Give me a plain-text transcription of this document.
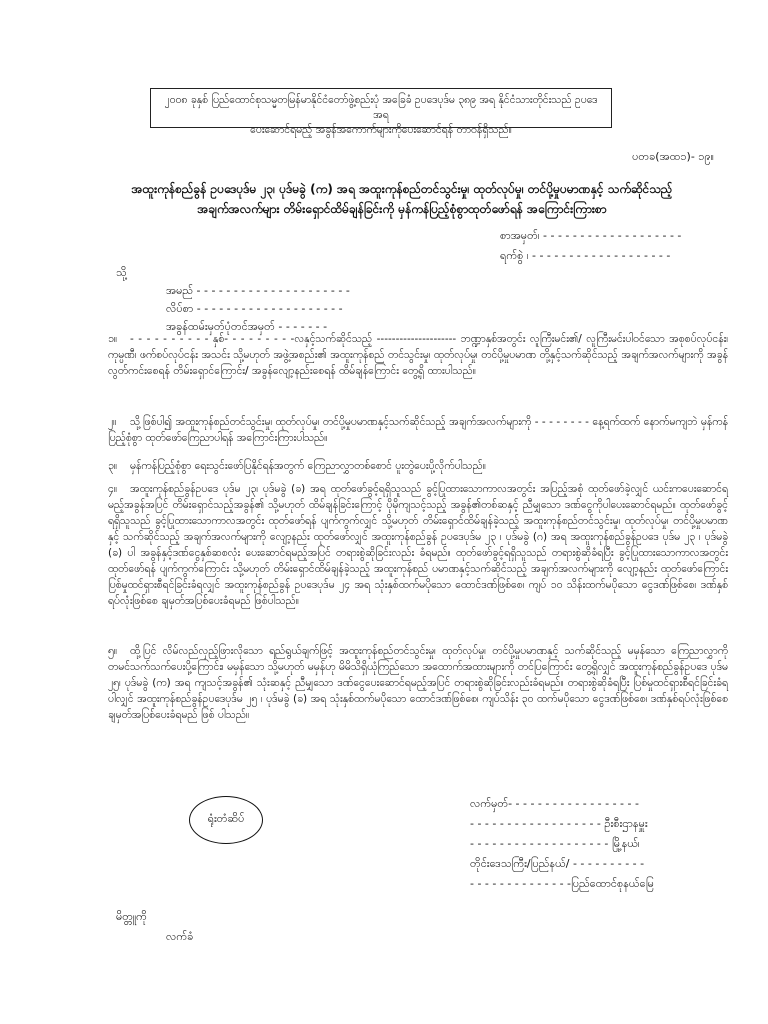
၂၀၀၈ ခုနှစ် ပြည်ထောင်စုသမ္မတမြန်မာနိုင်ငံတော်ဖွဲ့စည်းပုံ အခြေခံ ဥပဒေပုဒ်မ ၃၈၉ အရ နိုင်ငံသားတိုင်းသည် ဥပဒေအရ
ပေးဆောင်ရမည့် အခွန်အကောက်များကိုပေးဆောင်ရန် တာဝန်ရှိသည်။
ပတခ(အထ၁)- ၁၉။
အထူးကုန်စည်ခွန် ဥပဒေပုဒ်မ ၂၃၊ ပုဒ်မခွဲ (က) အရ အထူးကုန်စည်တင်သွင်းမှု၊ ထုတ်လုပ်မှု၊ တင်ပို့မှုပမာဏနှင့် သက်ဆိုင်သည့်
အချက်အလက်များ တိမ်းရှောင်ထိမ်ချန်ခြင်းကို မှန်ကန်ပြည့်စုံစွာထုတ်ဖော်ရန် အကြောင်းကြားစာ
စာအမှတ်၊ - - - - - - - - - - - - - - - - - - -
ရက်စွဲ ၊ - - - - - - - - - - - - - - - - - - -
သို့
အမည် - - - - - - - - - - - - - - - - - - - - -
လိပ်စာ - - - - - - - - - - - - - - - - - - - -
အခွန်ထမ်းမှတ်ပုံတင်အမှတ် - - - - - - -
၁။ - - - - - - - - - - နှစ်- - - - - - - - -လနှင့်သက်ဆိုင်သည့် --------------------- ဘဏ္ဍာနှစ်အတွင်း လူကြီးမင်း၏/ လူကြီးမင်းပါဝင်သော အစုစပ်လုပ်ငန်း၊ ကုမ္ပဏီ၊ ဖက်စပ်လုပ်ငန်း အသင်း သို့မဟုတ် အဖွဲ့အစည်း၏ အထူးကုန်စည် တင်သွင်းမှု၊ ထုတ်လုပ်မှု၊ တင်ပို့မှုပမာဏ တို့နှင့်သက်ဆိုင်သည့် အချက်အလက်များကို အခွန်လွတ်ကင်းစေရန် တိမ်းရှောင်ကြောင်း/ အခွန်လျော့နည်းစေရန် ထိမ်ချန်ကြောင်း တွေ့ရှိ ထားပါသည်။
၂။ သို့ဖြစ်ပါ၍ အထူးကုန်စည်တင်သွင်းမှု၊ ထုတ်လုပ်မှု၊ တင်ပို့မှုပမာဏနှင့်သက်ဆိုင်သည့် အချက်အလက်များကို - - - - - - - - နေ့ရက်ထက် နောက်မကျဘဲ မှန်ကန်ပြည့်စုံစွာ ထုတ်ဖော်ကြေညာပါရန် အကြောင်းကြားပါသည်။
၃။ မှန်ကန်ပြည့်စုံစွာ ရေးသွင်းဖော်ပြနိုင်ရန်အတွက် ကြေညာလွှာတစ်စောင် ပူးတွဲပေးပို့လိုက်ပါသည်။
၄။ အထူးကုန်စည်ခွန်ဥပဒေ ပုဒ်မ ၂၃၊ ပုဒ်မခွဲ (ခ) အရ ထုတ်ဖော်ခွင့်ရရှိသူသည် ခွင့်ပြုထားသောကာလအတွင်း အပြည့်အစုံ ထုတ်ဖော်ခဲ့လျှင် ယင်းကပေးဆောင်ရမည့်အခွန်အပြင် တိမ်းရှောင်သည့်အခွန်၏ သို့မဟုတ် ထိမ်ချန်ခြင်းကြောင့် ပိုမိုကျသင့်သည့် အခွန်၏တစ်ဆနှင့် ညီမျှသော ဒဏ်ငွေကိုပါပေးဆောင်ရမည်။ ထုတ်ဖော်ခွင့်ရရှိသူသည် ခွင့်ပြုထားသောကာလအတွင်း ထုတ်ဖော်ရန် ပျက်ကွက်လျှင် သို့မဟုတ် တိမ်းရှောင်ထိမ်ချန်ခဲ့သည့် အထူးကုန်စည်တင်သွင်းမှု၊ ထုတ်လုပ်မှု၊ တင်ပို့မှုပမာဏနှင့် သက်ဆိုင်သည့် အချက်အလက်များကို လျော့နည်း ထုတ်ဖော်လျှင် အထူးကုန်စည်ခွန် ဥပဒေပုဒ်မ ၂၃ ၊ ပုဒ်မခွဲ (ဂ) အရ အထူးကုန်စည်ခွန်ဥပဒေ ပုဒ်မ ၂၃ ၊ ပုဒ်မခွဲ (ခ) ပါ အခွန်နှင့်ဒဏ်ငွေနှစ်ဆစလုံး ပေးဆောင်ရမည့်အပြင် တရားစွဲဆိုခြင်းလည်း ခံရမည်။ ထုတ်ဖော်ခွင့်ရရှိသူသည် တရားစွဲဆိုခံရပြီး ခွင့်ပြုထားသောကာလအတွင်း ထုတ်ဖော်ရန် ပျက်ကွက်ကြောင်း သို့မဟုတ် တိမ်းရှောင်ထိမ်ချန်ခဲ့သည့် အထူးကုန်စည် ပမာဏနှင့်သက်ဆိုင်သည့် အချက်အလက်များကို လျော့နည်း ထုတ်ဖော်ကြောင်း ပြစ်မှုထင်ရှားစီရင်ခြင်းခံရလျှင် အထူးကုန်စည်ခွန် ဥပဒေပုဒ်မ ၂၄ အရ သုံးနှစ်ထက်မပိုသော ထောင်ဒဏ်ဖြစ်စေ၊ ကျပ် ၁၀ သိန်းထက်မပိုသော ငွေဒဏ်ဖြစ်စေ၊ ဒဏ်နှစ်ရပ်လုံးဖြစ်စေ ချမှတ်အပြစ်ပေးခံရမည် ဖြစ်ပါသည်။
၅။ ထို့ပြင် လိမ်လည်လှည့်ဖြားလိုသော ရည်ရွယ်ချက်ဖြင့် အထူးကုန်စည်တင်သွင်းမှု၊ ထုတ်လုပ်မှု၊ တင်ပို့မှုပမာဏနှင့် သက်ဆိုင်သည့် မမှန်သော ကြေညာလွှာကို တမင်သက်သက်ပေးပို့ကြောင်း၊ မမှန်သော သို့မဟုတ် မမှန်ဟု မိမိသိရှိယုံကြည်သော အထောက်အထားများကို တင်ပြကြောင်း တွေ့ရှိလျှင် အထူးကုန်စည်ခွန်ဥပဒေ ပုဒ်မ ၂၅၊ ပုဒ်မခွဲ (က) အရ ကျသင့်အခွန်၏ သုံးဆနှင့် ညီမျှသော ဒဏ်ငွေပေးဆောင်ရမည့်အပြင် တရားစွဲဆိုခြင်းလည်းခံရမည်။ တရားစွဲဆိုခံရပြီး ပြစ်မှုထင်ရှားစီရင်ခြင်းခံရပါလျှင် အထူးကုန်စည်ခွန်ဥပဒေပုဒ်မ ၂၅ ၊ ပုဒ်မခွဲ (ခ) အရ သုံးနှစ်ထက်မပိုသော ထောင်ဒဏ်ဖြစ်စေ၊ ကျပ်သိန်း ၃၀ ထက်မပိုသော ငွေဒဏ်ဖြစ်စေ၊ ဒဏ်နှစ်ရပ်လုံးဖြစ်စေ ချမှတ်အပြစ်ပေးခံရမည် ဖြစ် ပါသည်။
ရုံးတံဆိပ်
လက်မှတ်- - - - - - - - - - - - - - - - - -
- - - - - - - - - - - - - - - - - - ဦးစီးဌာနမှူး
- - - - - - - - - - - - - - - - - - - မြို့နယ်၊
တိုင်းဒေသကြီး/ပြည်နယ်/ - - - - - - - - - -
- - - - - - - - - - - - - -ပြည်ထောင်စုနယ်မြေ
မိတ္တူကို
လက်ခံ
